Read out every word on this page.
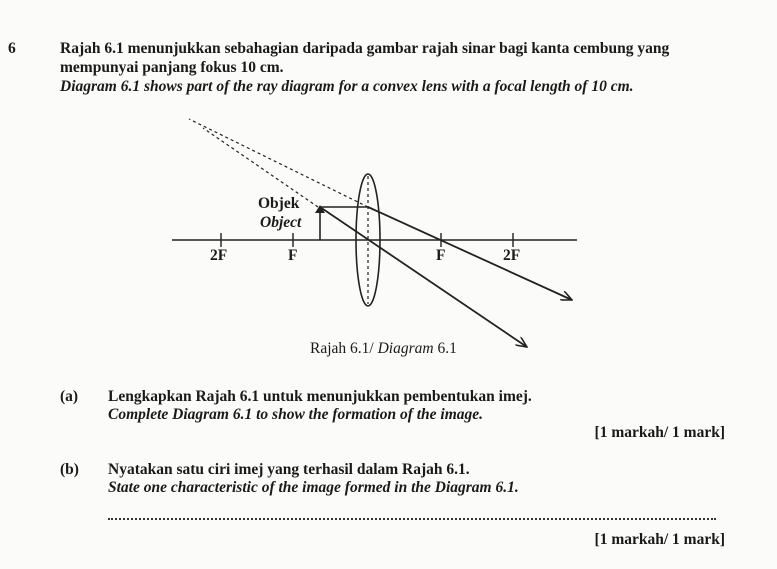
6	Rajah 6.1 menunjukkan sebahagian daripada gambar rajah sinar bagi kanta cembung yang
mempunyai panjang fokus 10 cm.
Diagram 6.1 shows part of the ray diagram for a convex lens with a focal length of 10 cm.
Objek
Object
2F	F	F	2F
Rajah 6.1/ Diagram 6.1
(a) Lengkapkan Rajah 6.1 untuk menunjukkan pembentukan imej.
Complete Diagram 6.1 to show the formation of the image.
[1 markah/ 1 mark]
(b) Nyatakan satu ciri imej yang terhasil dalam Rajah 6.1.
State one characteristic of the image formed in the Diagram 6.1.
[1 markah/ 1 mark]
